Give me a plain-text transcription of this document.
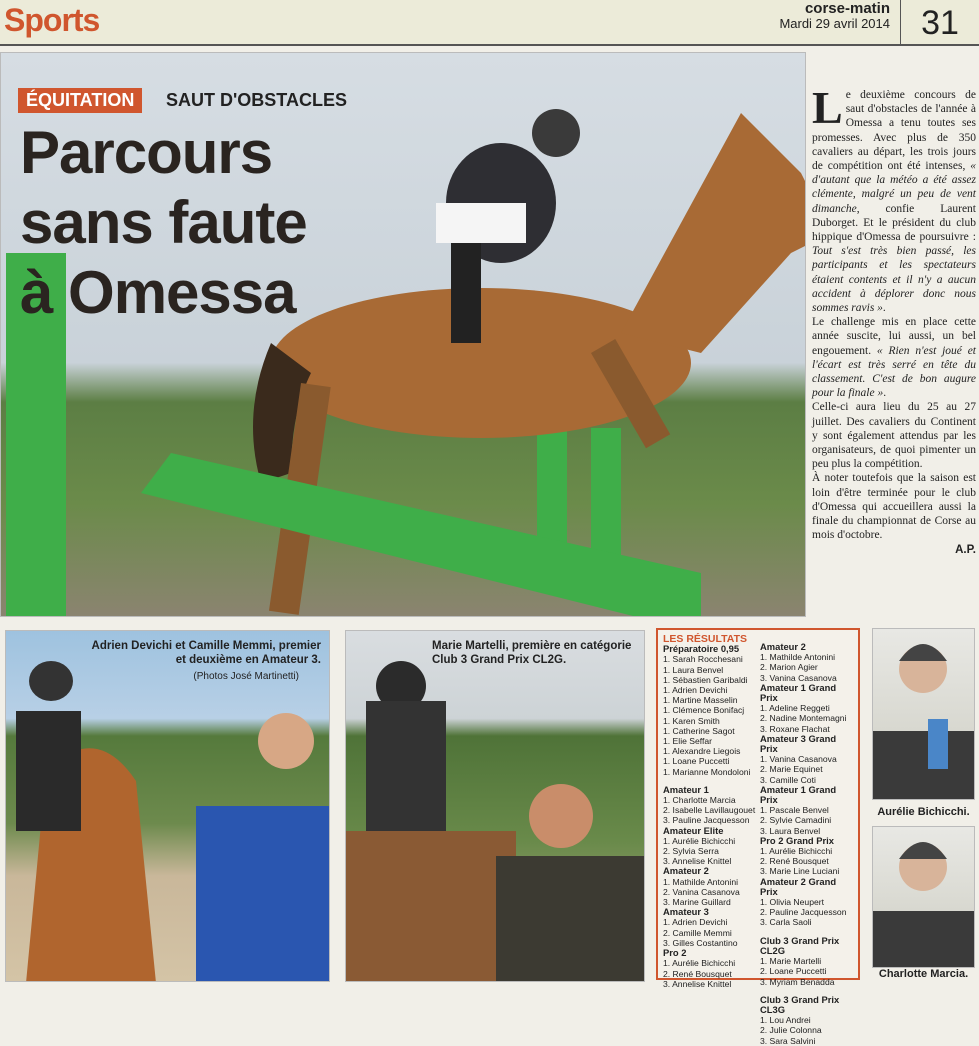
Sports	corse-matin
Mardi 29 avril 2014 31
ÉQUITATION	SAUT D'OBSTACLES
Parcours
sans faute
à Omessa

Le deuxième concours de saut d'obstacles de l'année à Omessa a tenu toutes ses promesses. Avec plus de 350 cavaliers au départ, les trois jours de compétition ont été intenses, « d'autant que la météo a été assez clémente, malgré un peu de vent dimanche, confie Laurent Duborget. Et le président du club hippique d'Omessa de poursuivre : Tout s'est très bien passé, les participants et les spectateurs étaient contents et il n'y a aucun accident à déplorer donc nous sommes ravis ».

Le challenge mis en place cette année suscite, lui aussi, un bel engouement. « Rien n'est joué et l'écart est très serré en tête du classement. C'est de bon augure pour la finale ».

Celle-ci aura lieu du 25 au 27 juillet. Des cavaliers du Continent y sont également attendus par les organisateurs, de quoi pimenter un peu plus la compétition.

À noter toutefois que la saison est loin d'être terminée pour le club d'Omessa qui accueillera aussi la finale du championnat de Corse au mois d'octobre.

A.P.
Adrien Devichi et Camille Memmi, premier et deuxième en Amateur 3.
(Photos José Martinetti)
Marie Martelli, première en catégorie Club 3 Grand Prix CL2G.
LES RÉSULTATS
Préparatoire 0,95
1. Sarah Rocchesani
1. Laura Benvel
1. Sébastien Garibaldi
1. Adrien Devichi
1. Martine Masselin
1. Clémence Bonifacj
1. Karen Smith
1. Catherine Sagot
1. Elie Seffar
1. Alexandre Liegois
1. Loane Puccetti
1. Marianne Mondoloni
Amateur 1
1. Charlotte Marcia
2. Isabelle Lavillaugouet
3. Pauline Jacquesson
Amateur Elite
1. Aurélie Bichicchi
2. Sylvia Serra
3. Annelise Knittel
Amateur 2
1. Mathilde Antonini
2. Vanina Casanova
3. Marine Guillard
Amateur 3
1. Adrien Devichi
2. Camille Memmi
3. Gilles Costantino
Pro 2
1. Aurélie Bichicchi
2. René Bousquet
3. Annelise Knittel
Amateur 2
1. Mathilde Antonini
2. Marion Agier
3. Vanina Casanova
Amateur 1 Grand Prix
1. Adeline Reggeti
2. Nadine Montemagni
3. Roxane Flachat
Amateur 3 Grand Prix
1. Vanina Casanova
2. Marie Equinet
3. Camille Coti
Amateur 1 Grand Prix
1. Pascale Benvel
2. Sylvie Camadini
3. Laura Benvel
Pro 2 Grand Prix
1. Aurélie Bichicchi
2. René Bousquet
3. Marie Line Luciani
Amateur 2 Grand Prix
1. Olivia Neupert
2. Pauline Jacquesson
3. Carla Saoli
Club 3 Grand Prix CL2G
1. Marie Martelli
2. Loane Puccetti
3. Myriam Benadda
Club 3 Grand Prix CL3G
1. Lou Andrei
2. Julie Colonna
3. Sara Salvini
Aurélie Bichicchi.
Charlotte Marcia.
